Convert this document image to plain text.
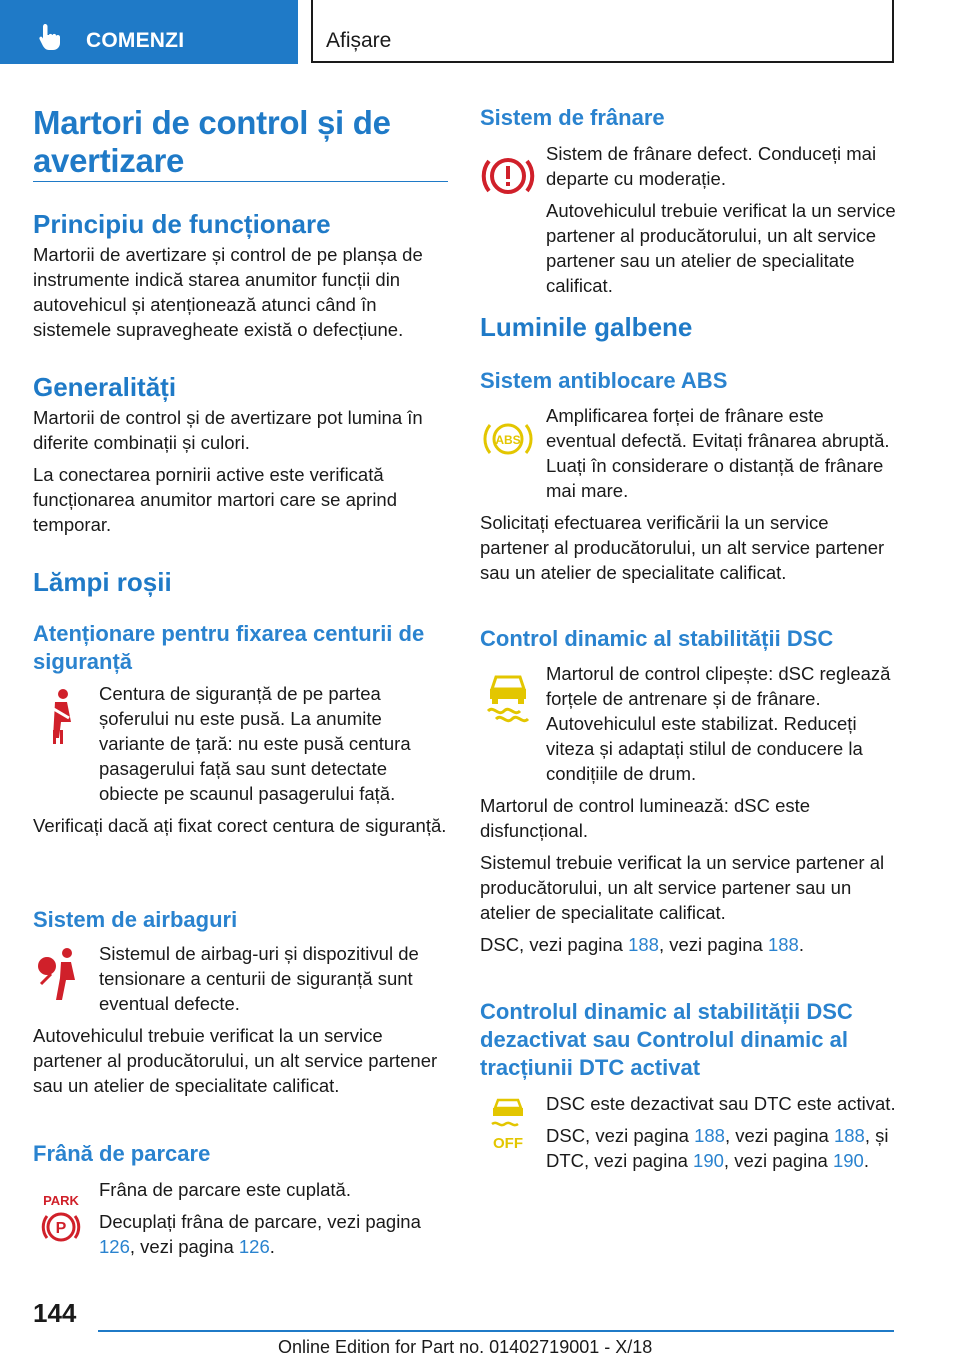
COMENZI	Afișare
Martori de control și de avertizare
Principiu de funcționare

Martorii de avertizare și control de pe planșa de instrumente indică starea anumitor funcții din autovehicul și atenționează atunci când în sistemele supravegheate există o defecțiune.

Generalități

Martorii de control și de avertizare pot lumina în diferite combinații și culori.

La conectarea pornirii active este verificată funcționarea anumitor martori care se aprind temporar.

Lămpi roșii
Atenționare pentru fixarea centurii de siguranță

Centura de siguranță de pe partea șoferului nu este pusă. La anumite variante de țară: nu este pusă centura pasagerului față sau sunt detectate obiecte pe scaunul pasagerului față.

Verificați dacă ați fixat corect centura de siguranță.

Sistem de airbaguri

Sistemul de airbag-uri și dispozitivul de tensionare a centurii de siguranță sunt eventual defecte.

Autovehiculul trebuie verificat la un service partener al producătorului, un alt service partener sau un atelier de specialitate calificat.

Frână de parcare
PARK
P

Frâna de parcare este cuplată.

Decuplați frâna de parcare, vezi pagina 126, vezi pagina 126.

Sistem de frânare

Sistem de frânare defect. Conduceți mai departe cu moderație.

Autovehiculul trebuie verificat la un service partener al producătorului, un alt service partener sau un atelier de specialitate calificat.

Luminile galbene
Sistem antiblocare ABS
ABS

Amplificarea forței de frânare este eventual defectă. Evitați frânarea abruptă. Luați în considerare o distanță de frânare mai mare.

Solicitați efectuarea verificării la un service partener al producătorului, un alt service partener sau un atelier de specialitate calificat.

Control dinamic al stabilității DSC

Martorul de control clipește: dSC reglează forțele de antrenare și de frânare. Autovehiculul este stabilizat. Reduceți viteza și adaptați stilul de conducere la condițiile de drum.

Martorul de control luminează: dSC este disfuncțional.

Sistemul trebuie verificat la un service partener al producătorului, un alt service partener sau un atelier de specialitate calificat.

DSC, vezi pagina 188, vezi pagina 188.

Controlul dinamic al stabilității DSC dezactivat sau Controlul dinamic al tracțiunii DTC activat
OFF

DSC este dezactivat sau DTC este activat.

DSC, vezi pagina 188, vezi pagina 188, și DTC, vezi pagina 190, vezi pagina 190.

144
Online Edition for Part no. 01402719001 - X/18
